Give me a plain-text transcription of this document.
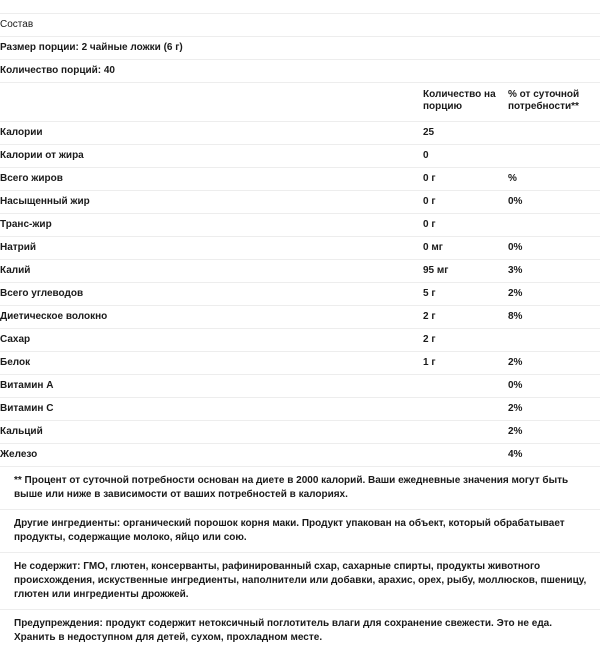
Состав		
Размер порции: 2 чайные ложки (6 г)		
Количество порций: 40		
	Количество на порцию	% от суточной потребности**
Калории	25	
Калории от жира	0	
Всего жиров	0 г	%
Насыщенный жир	0 г	0%
Транс-жир	0 г	
Натрий	0 мг	0%
Калий	95 мг	3%
Всего углеводов	5 г	2%
Диетическое волокно	2 г	8%
Сахар	2 г	
Белок	1 г	2%
Витамин A		0%
Витамин C		2%
Кальций		2%
Железо		4%

** Процент от суточной потребности основан на диете в 2000 калорий. Ваши ежедневные значения могут быть выше или ниже в зависимости от ваших потребностей в калориях.

Другие ингредиенты: органический порошок корня маки. Продукт упакован на объект, который обрабатывает продукты, содержащие молоко, яйцо или сою.

Не содержит: ГМО, глютен, консерванты, рафинированный схар, сахарные спирты, продукты животного происхождения, искуственные ингредиенты, наполнители или добавки, арахис, орех, рыбу, моллюсков, пшеницу, глютен или ингредиенты дрожжей.

Предупреждения: продукт содержит нетоксичный поглотитель влаги для сохранение свежести. Это не еда. Хранить в недоступном для детей, сухом, прохладном месте.
